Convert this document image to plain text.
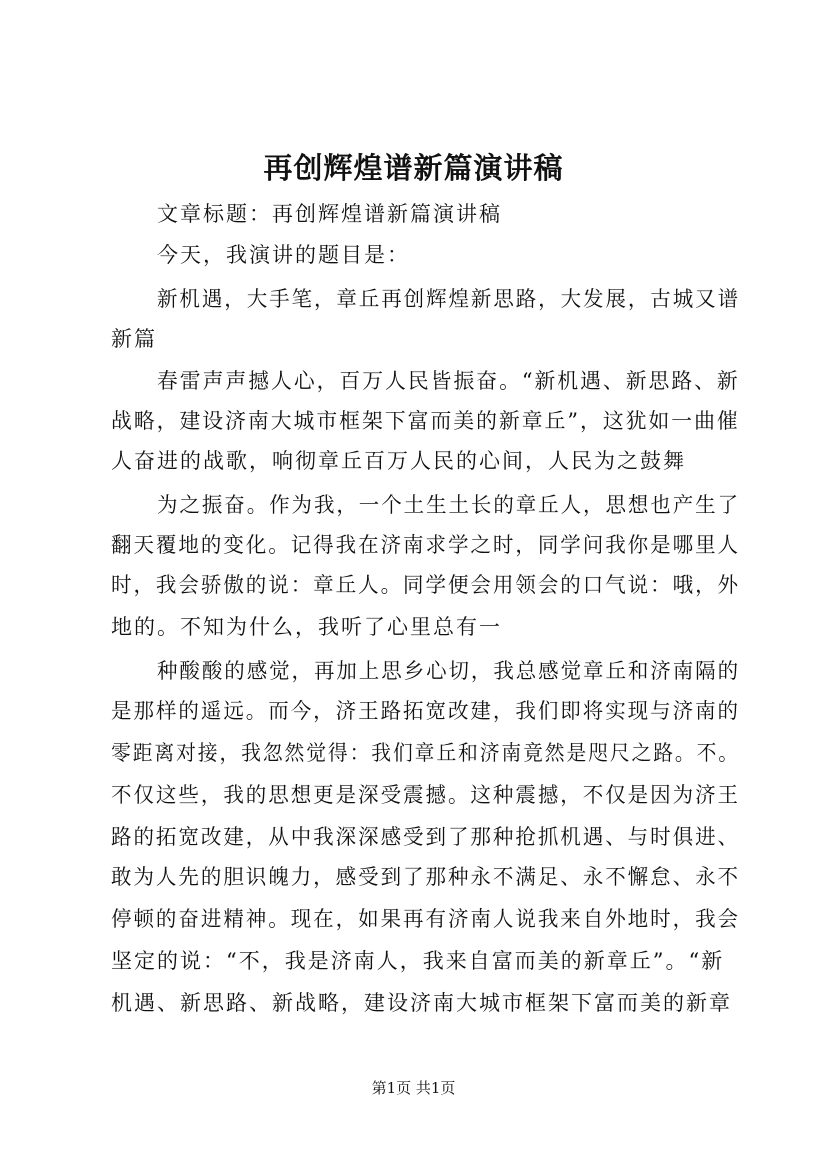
再创辉煌谱新篇演讲稿
文章标题：再创辉煌谱新篇演讲稿
今天，我演讲的题目是：
新机遇，大手笔，章丘再创辉煌新思路，大发展，古城又谱
新篇
春雷声声撼人心，百万人民皆振奋。“新机遇、新思路、新
战略，建设济南大城市框架下富而美的新章丘”，这犹如一曲催
人奋进的战歌，响彻章丘百万人民的心间，人民为之鼓舞
为之振奋。作为我，一个土生土长的章丘人，思想也产生了
翻天覆地的变化。记得我在济南求学之时，同学问我你是哪里人
时，我会骄傲的说：章丘人。同学便会用领会的口气说：哦，外
地的。不知为什么，我听了心里总有一
种酸酸的感觉，再加上思乡心切，我总感觉章丘和济南隔的
是那样的遥远。而今，济王路拓宽改建，我们即将实现与济南的
零距离对接，我忽然觉得：我们章丘和济南竟然是咫尺之路。不。
不仅这些，我的思想更是深受震撼。这种震撼，不仅是因为济王
路的拓宽改建，从中我深深感受到了那种抢抓机遇、与时俱进、
敢为人先的胆识魄力，感受到了那种永不满足、永不懈怠、永不
停顿的奋进精神。现在，如果再有济南人说我来自外地时，我会
坚定的说：“不，我是济南人，我来自富而美的新章丘”。“新
机遇、新思路、新战略，建设济南大城市框架下富而美的新章
第1页 共1页
